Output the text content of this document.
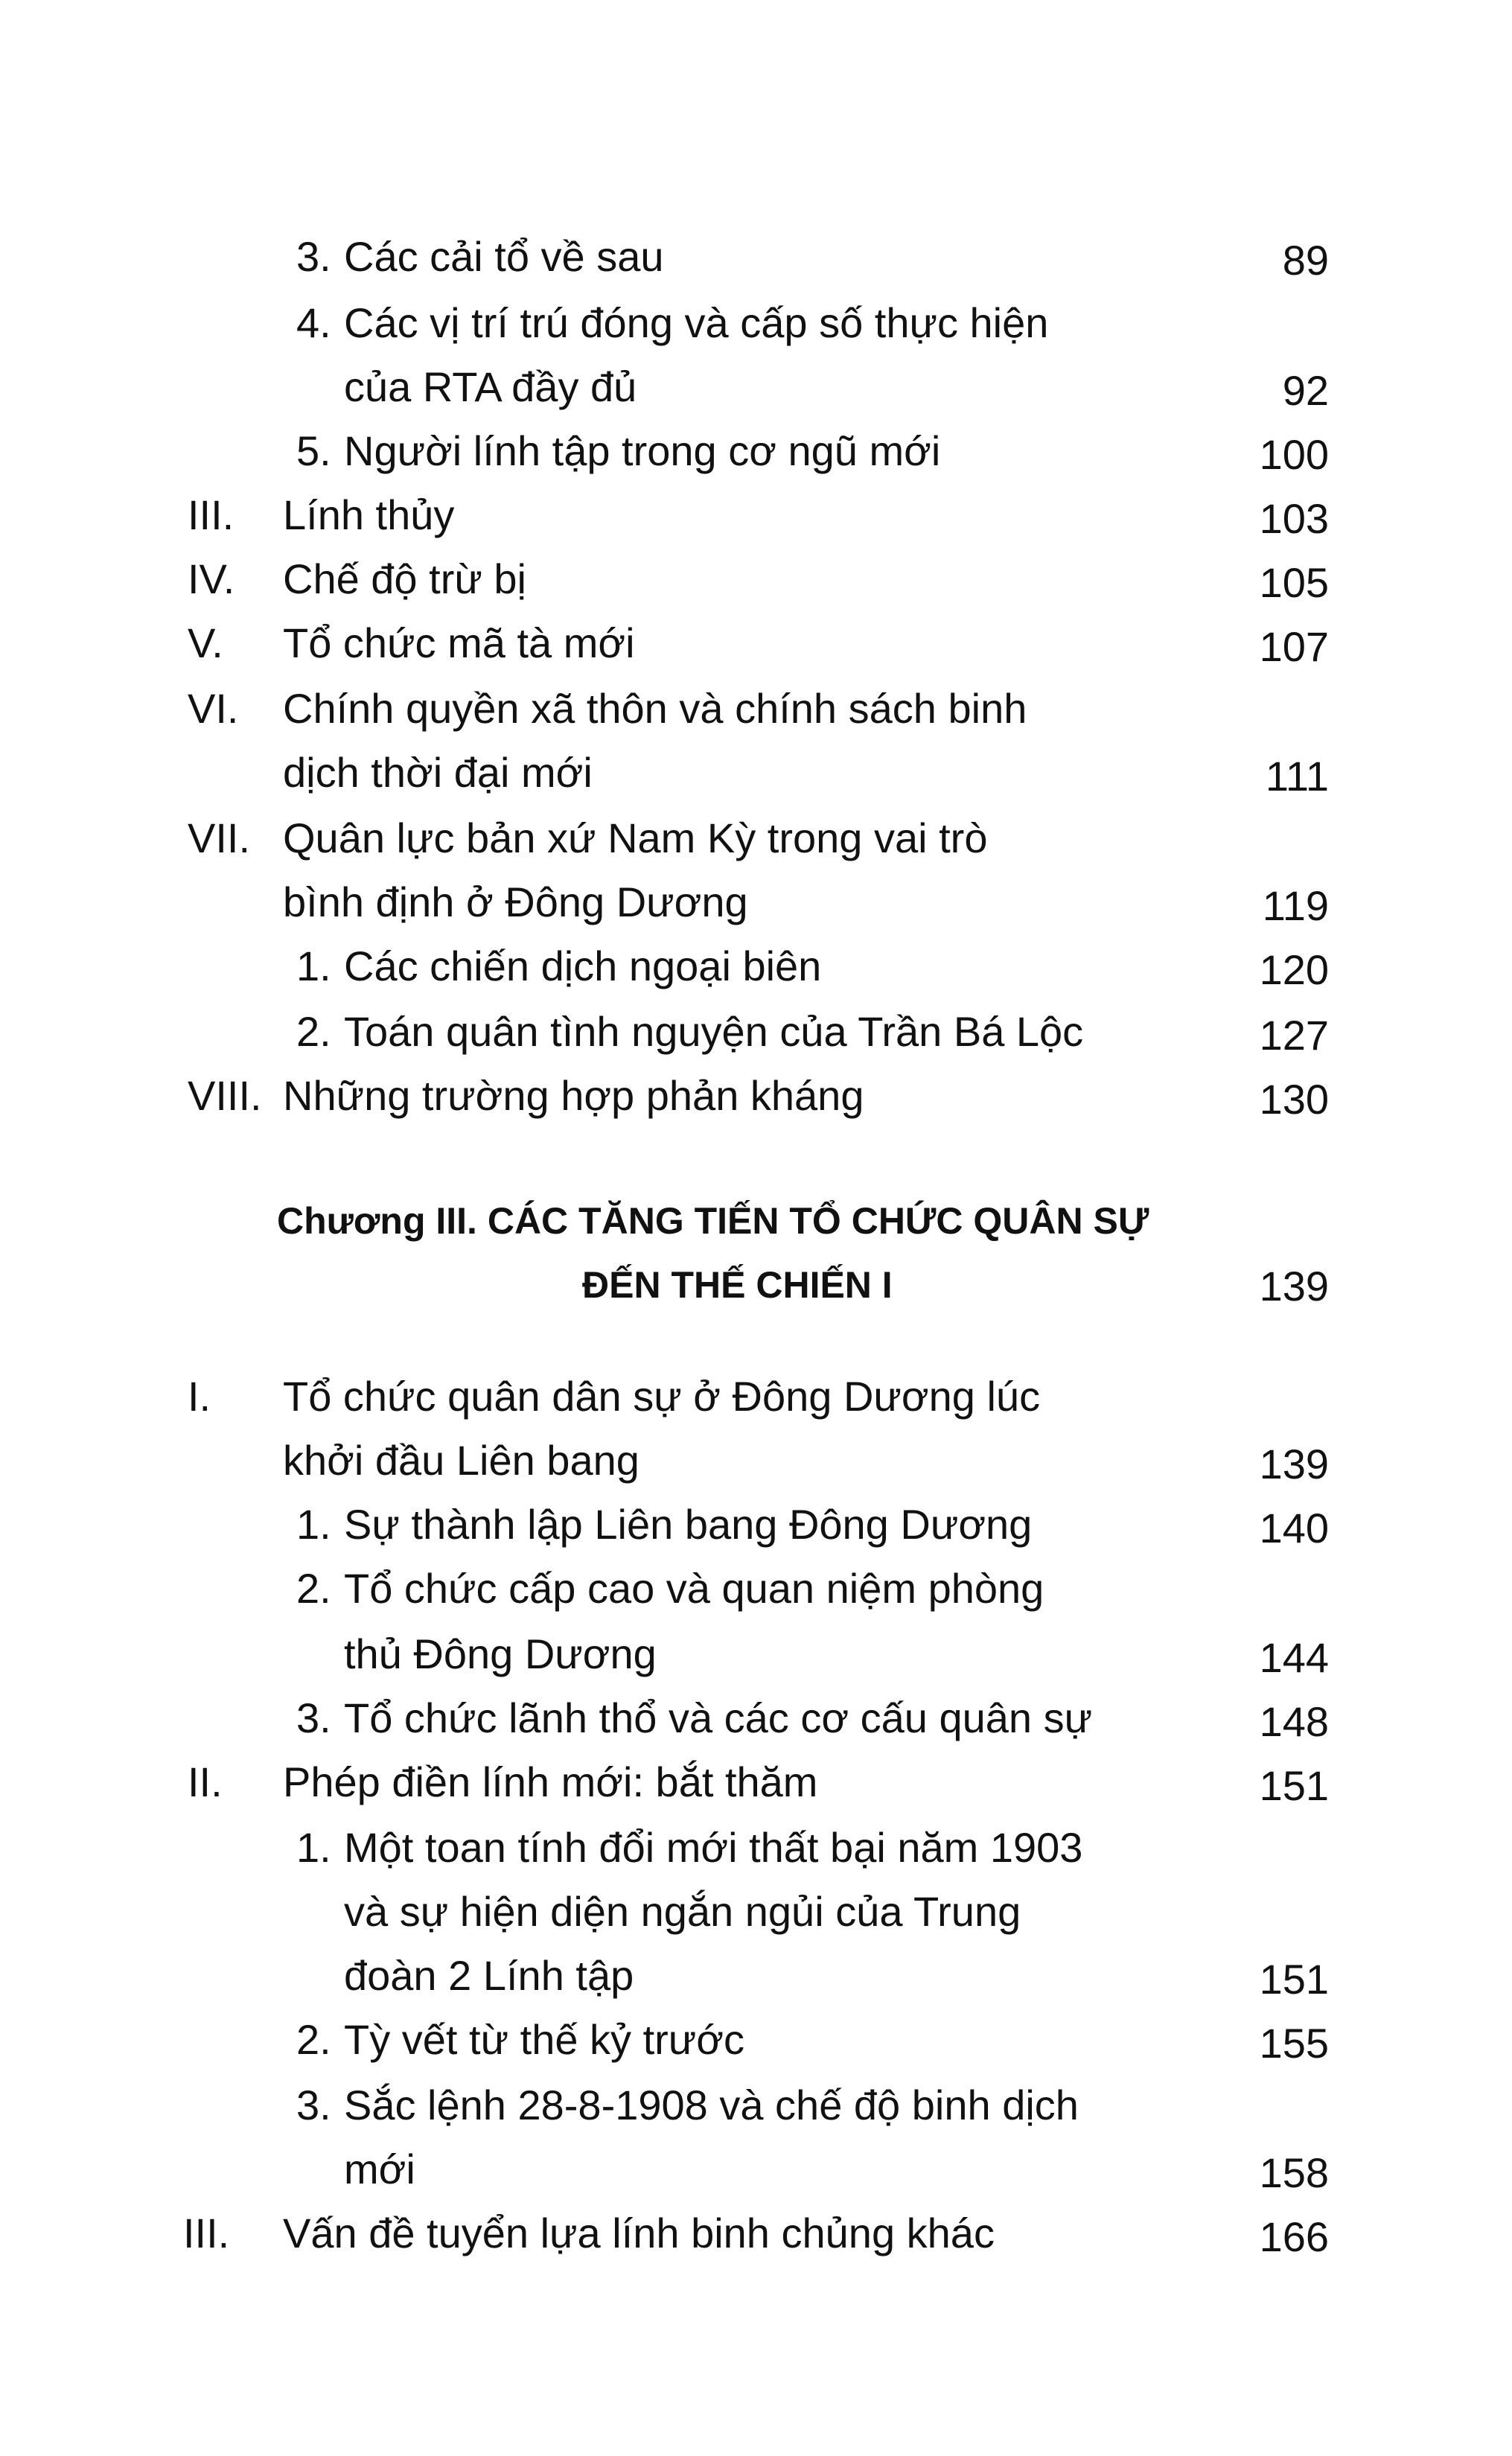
3. Các cải tổ về sau	89
4. Các vị trí trú đóng và cấp số thực hiện
của RTA đầy đủ	92
5. Người lính tập trong cơ ngũ mới	100
III. Lính thủy	103
IV. Chế độ trừ bị	105
V. Tổ chức mã tà mới	107
VI. Chính quyền xã thôn và chính sách binh
dịch thời đại mới	111
VII. Quân lực bản xứ Nam Kỳ trong vai trò
bình định ở Đông Dương	119
1. Các chiến dịch ngoại biên	120
2. Toán quân tình nguyện của Trần Bá Lộc	127
VIII. Những trường hợp phản kháng	130
Chương III. CÁC TĂNG TIẾN TỔ CHỨC QUÂN SỰ
ĐẾN THẾ CHIẾN I	139
I. Tổ chức quân dân sự ở Đông Dương lúc
khởi đầu Liên bang	139
1. Sự thành lập Liên bang Đông Dương	140
2. Tổ chức cấp cao và quan niệm phòng
thủ Đông Dương	144
3. Tổ chức lãnh thổ và các cơ cấu quân sự	148
II. Phép điền lính mới: bắt thăm	151
1. Một toan tính đổi mới thất bại năm 1903
và sự hiện diện ngắn ngủi của Trung
đoàn 2 Lính tập	151
2. Tỳ vết từ thế kỷ trước	155
3. Sắc lệnh 28-8-1908 và chế độ binh dịch
mới	158
III. Vấn đề tuyển lựa lính binh chủng khác	166
